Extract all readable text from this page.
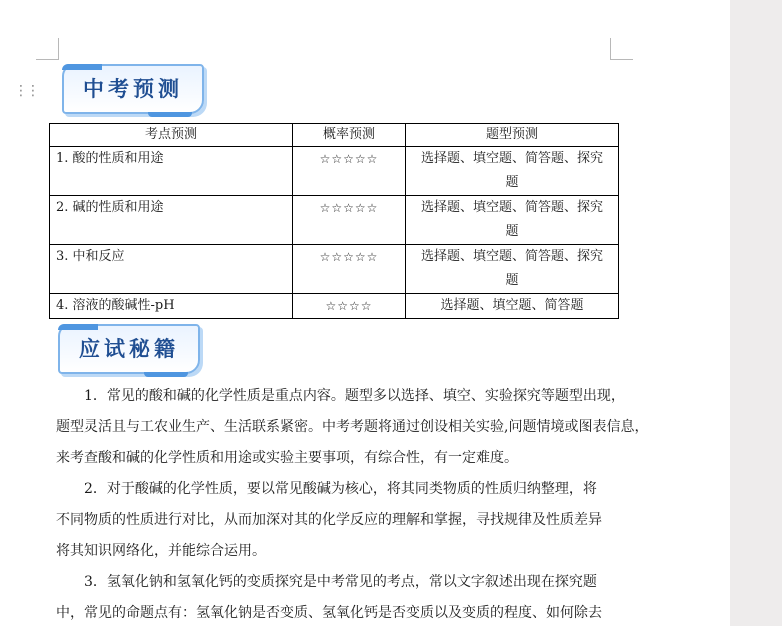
⋮⋮	中考预测
考点预测	概率预测	题型预测
1. 酸的性质和用途	☆☆☆☆☆	选择题、填空题、简答题、探究
题
2. 碱的性质和用途	☆☆☆☆☆	选择题、填空题、简答题、探究
题
3. 中和反应	☆☆☆☆☆	选择题、填空题、简答题、探究
题
4. 溶液的酸碱性-pH	☆☆☆☆	选择题、填空题、简答题
应试秘籍
　　1．常见的酸和碱的化学性质是重点内容。题型多以选择、填空、实验探究等题型出现，
题型灵活且与工农业生产、生活联系紧密。中考考题将通过创设相关实验,问题情境或图表信息，
来考查酸和碱的化学性质和用途或实验主要事项，有综合性，有一定难度。
　　2．对于酸碱的化学性质，要以常见酸碱为核心，将其同类物质的性质归纳整理，将
不同物质的性质进行对比，从而加深对其的化学反应的理解和掌握，寻找规律及性质差异
将其知识网络化，并能综合运用。
　　3．氢氧化钠和氢氧化钙的变质探究是中考常见的考点，常以文字叙述出现在探究题
中，常见的命题点有：氢氧化钠是否变质、氢氧化钙是否变质以及变质的程度、如何除去
